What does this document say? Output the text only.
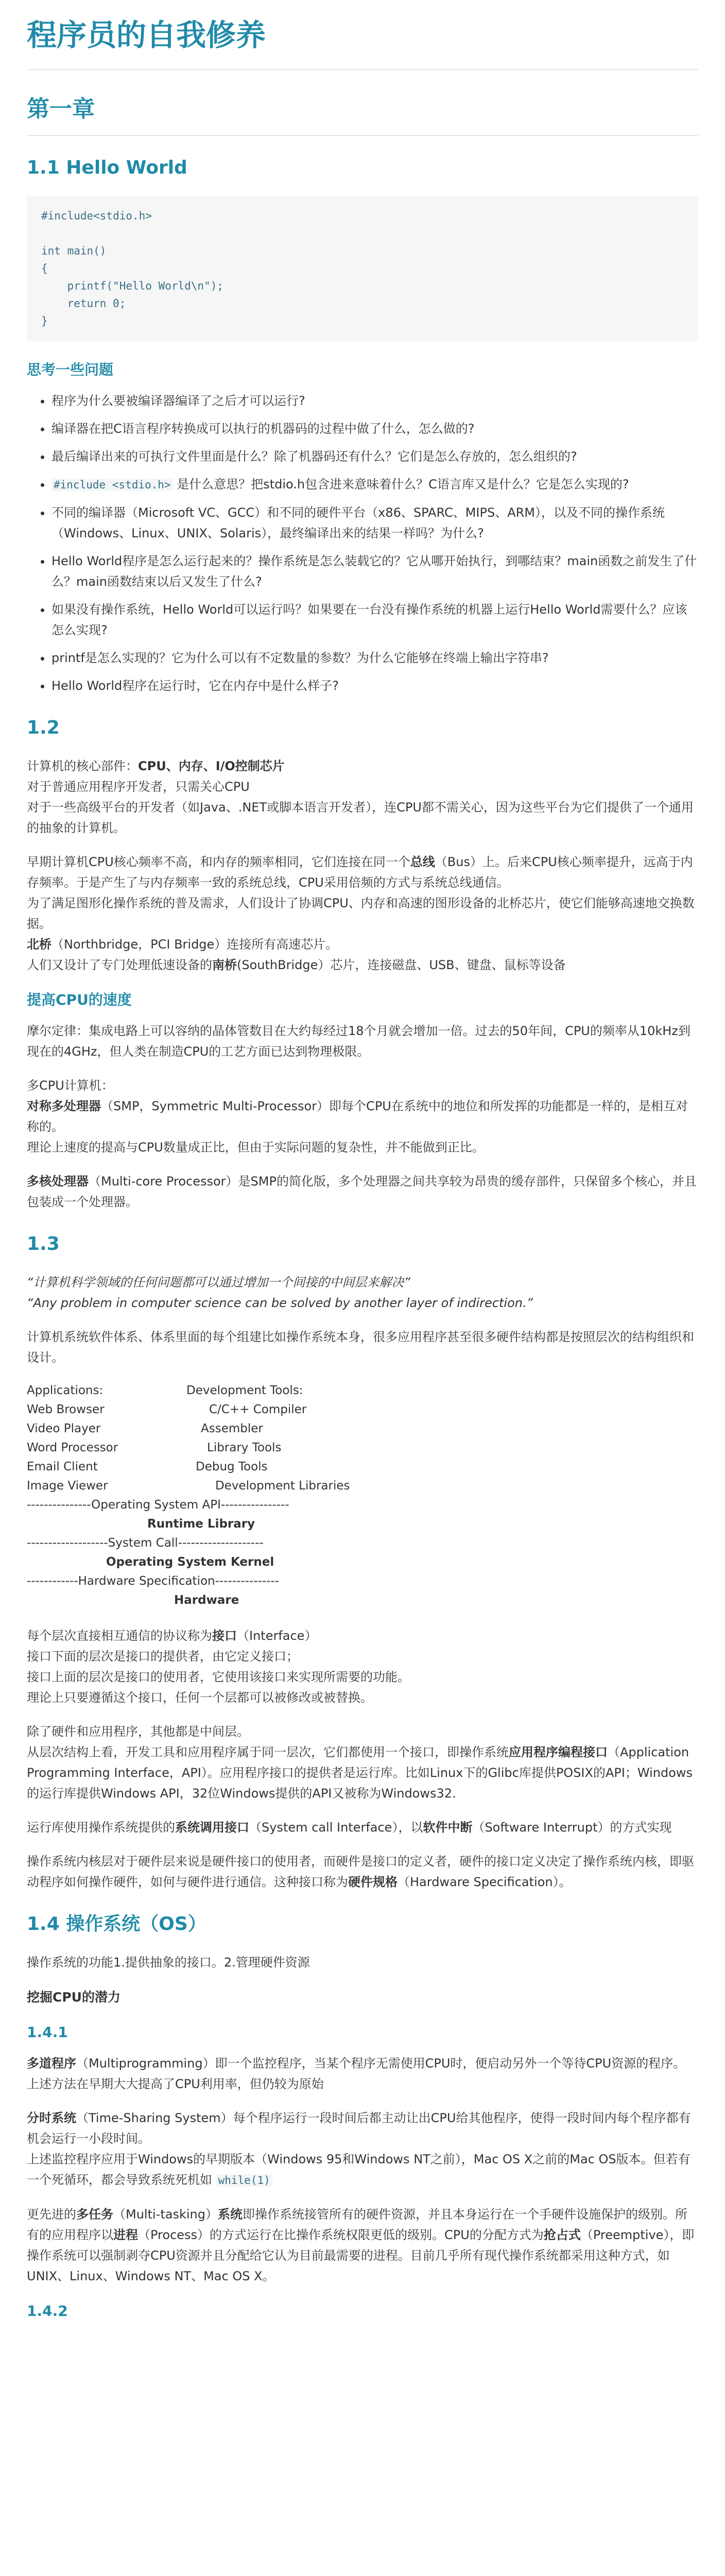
程序员的自我修养
第一章
1.1 Hello World
#include<stdio.h>

int main()
{
printf("Hello World\n");
return 0;
}
思考一些问题
• 程序为什么要被编译器编译了之后才可以运行?
• 编译器在把C语言程序转换成可以执行的机器码的过程中做了什么，怎么做的?
• 最后编译出来的可执行文件里面是什么？除了机器码还有什么？它们是怎么存放的，怎么组织的?
• #include <stdio.h> 是什么意思？把stdio.h包含进来意味着什么？C语言库又是什么？它是怎么实现的?
• 不同的编译器（Microsoft VC、GCC）和不同的硬件平台（x86、SPARC、MIPS、ARM），以及不同的操作系统（Windows、Linux、UNIX、Solaris），最终编译出来的结果一样吗？为什么?
• Hello World程序是怎么运行起来的？操作系统是怎么装载它的？它从哪开始执行，到哪结束？main函数之前发生了什么？main函数结束以后又发生了什么?
• 如果没有操作系统，Hello World可以运行吗？如果要在一台没有操作系统的机器上运行Hello World需要什么？应该怎么实现?
• printf是怎么实现的？它为什么可以有不定数量的参数？为什么它能够在终端上输出字符串?
• Hello World程序在运行时，它在内存中是什么样子?
1.2

计算机的核心部件：CPU、内存、I/O控制芯片
对于普通应用程序开发者，只需关心CPU
对于一些高级平台的开发者（如Java、.NET或脚本语言开发者），连CPU都不需关心，因为这些平台为它们提供了一个通用的抽象的计算机。

早期计算机CPU核心频率不高，和内存的频率相同，它们连接在同一个总线（Bus）上。后来CPU核心频率提升，远高于内存频率。于是产生了与内存频率一致的系统总线，CPU采用倍频的方式与系统总线通信。
为了满足图形化操作系统的普及需求，人们设计了协调CPU、内存和高速的图形设备的北桥芯片，使它们能够高速地交换数据。
北桥（Northbridge，PCI Bridge）连接所有高速芯片。
人们又设计了专门处理低速设备的南桥(SouthBridge）芯片，连接磁盘、USB、键盘、鼠标等设备

提高CPU的速度

摩尔定律：集成电路上可以容纳的晶体管数目在大约每经过18个月就会增加一倍。过去的50年间，CPU的频率从10kHz到现在的4GHz，但人类在制造CPU的工艺方面已达到物理极限。

多CPU计算机：
对称多处理器（SMP，Symmetric Multi-Processor）即每个CPU在系统中的地位和所发挥的功能都是一样的，是相互对称的。
理论上速度的提高与CPU数量成正比，但由于实际问题的复杂性，并不能做到正比。

多核处理器（Multi-core Processor）是SMP的简化版，多个处理器之间共享较为昂贵的缓存部件，只保留多个核心，并且包装成一个处理器。

1.3

“计算机科学领域的任何问题都可以通过增加一个间接的中间层来解决”
“Any problem in computer science can be solved by another layer of indirection.”

计算机系统软件体系、体系里面的每个组建比如操作系统本身，很多应用程序甚至很多硬件结构都是按照层次的结构组织和设计。

Applications:	Development Tools:
Web Browser	C/C++ Compiler
Video Player	Assembler
Word Processor	Library Tools
Email Client	Debug Tools
Image Viewer	Development Libraries
---------------Operating System API----------------
Runtime Library
-------------------System Call--------------------
Operating System Kernel
------------Hardware Specification---------------
Hardware

每个层次直接相互通信的协议称为接口（Interface）
接口下面的层次是接口的提供者，由它定义接口；
接口上面的层次是接口的使用者，它使用该接口来实现所需要的功能。
理论上只要遵循这个接口，任何一个层都可以被修改或被替换。

除了硬件和应用程序，其他都是中间层。
从层次结构上看，开发工具和应用程序属于同一层次，它们都使用一个接口，即操作系统应用程序编程接口（Application Programming Interface，API）。应用程序接口的提供者是运行库。比如Linux下的Glibc库提供POSIX的API；Windows的运行库提供Windows API，32位Windows提供的API又被称为Windows32.

运行库使用操作系统提供的系统调用接口（System call Interface），以软件中断（Software Interrupt）的方式实现

操作系统内核层对于硬件层来说是硬件接口的使用者，而硬件是接口的定义者，硬件的接口定义决定了操作系统内核，即驱动程序如何操作硬件，如何与硬件进行通信。这种接口称为硬件规格（Hardware Specification）。

1.4 操作系统（OS）

操作系统的功能1.提供抽象的接口。2.管理硬件资源

挖掘CPU的潜力
1.4.1

多道程序（Multiprogramming）即一个监控程序，当某个程序无需使用CPU时，便启动另外一个等待CPU资源的程序。
上述方法在早期大大提高了CPU利用率，但仍较为原始

分时系统（Time-Sharing System）每个程序运行一段时间后都主动让出CPU给其他程序，使得一段时间内每个程序都有机会运行一小段时间。
上述监控程序应用于Windows的早期版本（Windows 95和Windows NT之前），Mac OS X之前的Mac OS版本。但若有一个死循环，都会导致系统死机如 while(1)

更先进的多任务（Multi-tasking）系统即操作系统接管所有的硬件资源，并且本身运行在一个手硬件设施保护的级别。所有的应用程序以进程（Process）的方式运行在比操作系统权限更低的级别。CPU的分配方式为抢占式（Preemptive），即操作系统可以强制剥夺CPU资源并且分配给它认为目前最需要的进程。目前几乎所有现代操作系统都采用这种方式，如UNIX、Linux、Windows NT、Mac OS X。

1.4.2
